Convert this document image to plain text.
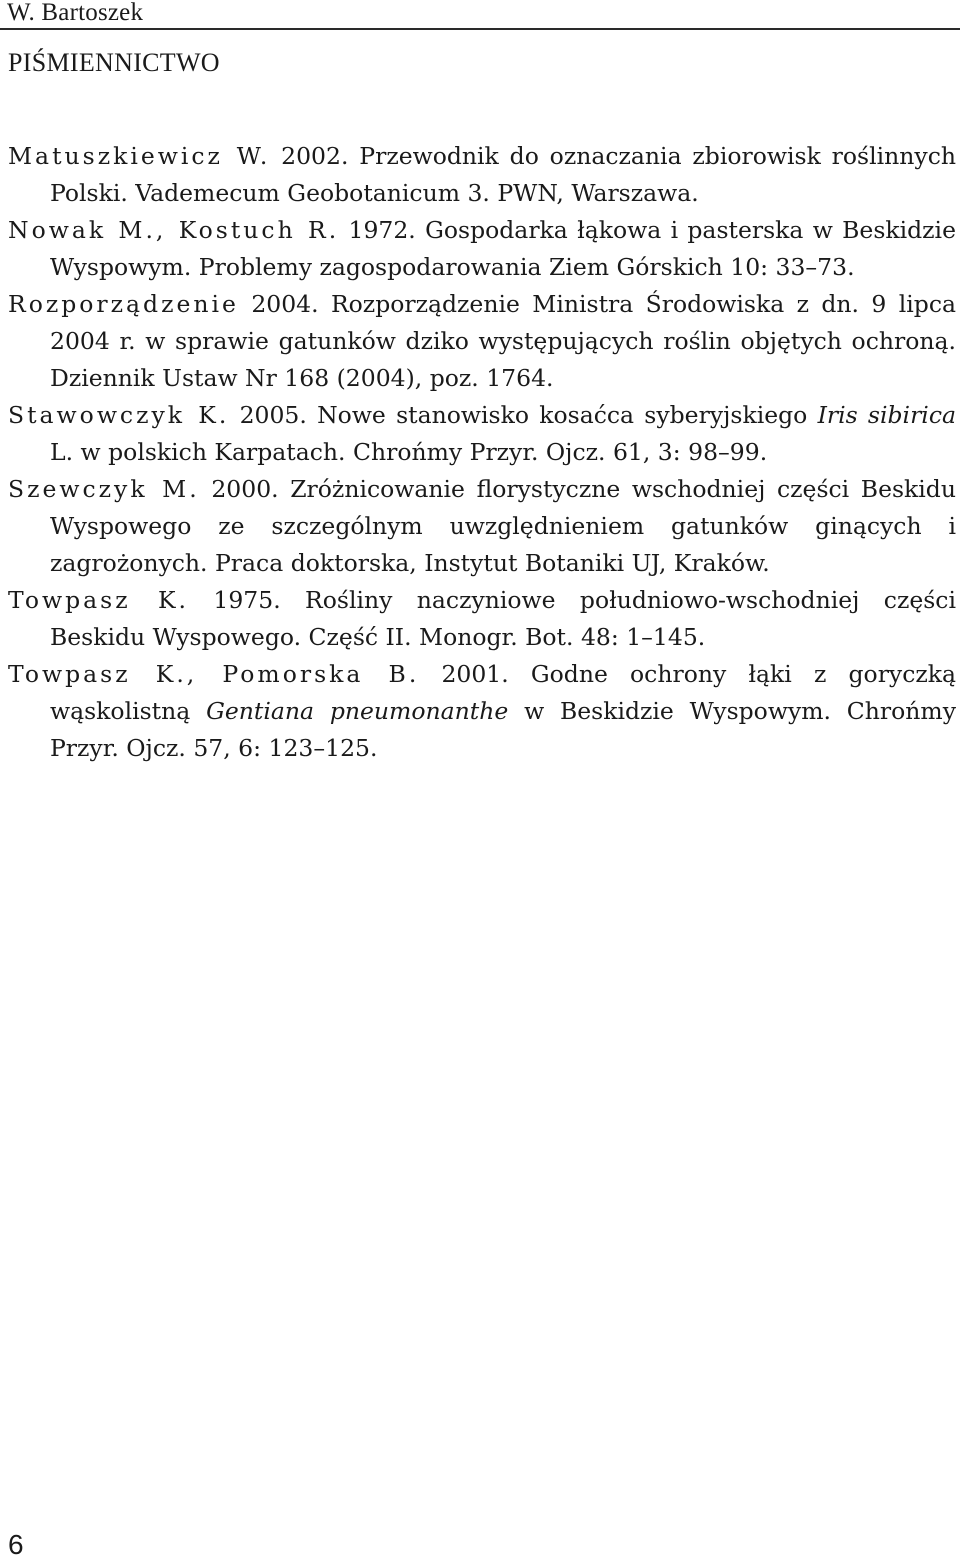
W. Bartoszek
PIŚMIENNICTWO
Matuszkiewicz W. 2002. Przewodnik do oznaczania zbiorowisk roślinnych Polski. Vademecum Geobotanicum 3. PWN, Warszawa.
Nowak M., Kostuch R. 1972. Gospodarka łąkowa i pasterska w Beskidzie Wyspowym. Problemy zagospodarowania Ziem Górskich 10: 33–73.
Rozporządzenie 2004. Rozporządzenie Ministra Środowiska z dn. 9 lipca 2004 r. w sprawie gatunków dziko występujących roślin objętych ochroną. Dziennik Ustaw Nr 168 (2004), poz. 1764.
Stawowczyk K. 2005. Nowe stanowisko kosaćca syberyjskiego Iris sibirica L. w polskich Karpatach. Chrońmy Przyr. Ojcz. 61, 3: 98–99.
Szewczyk M. 2000. Zróżnicowanie florystyczne wschodniej części Beskidu Wyspowego ze szczególnym uwzględnieniem gatunków ginących i zagrożonych. Praca doktorska, Instytut Botaniki UJ, Kraków.
Towpasz K. 1975. Rośliny naczyniowe południowo-wschodniej części Beskidu Wyspowego. Część II. Monogr. Bot. 48: 1–145.
Towpasz K., Pomorska B. 2001. Godne ochrony łąki z goryczką wąskolistną Gentiana pneumonanthe w Beskidzie Wyspowym. Chrońmy Przyr. Ojcz. 57, 6: 123–125.
6
